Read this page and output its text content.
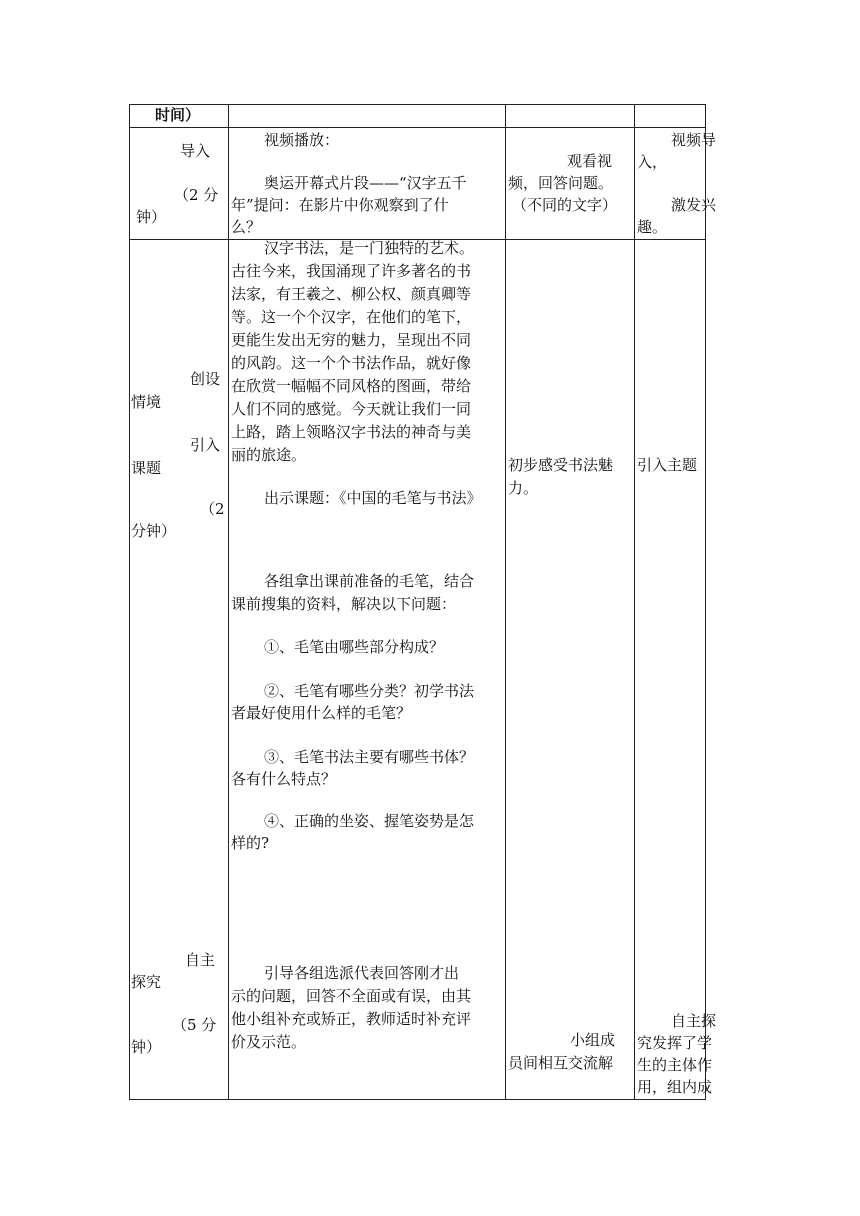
时间）
导入
（2 分
钟）
视频播放：
奥运开幕式片段——“汉字五千
年”提问：在影片中你观察到了什
么？
观看视
频，回答问题。
（不同的文字）
视频导
入，
激发兴
趣。
创设
情境
引入
课题
（2
分钟）
自主
探究
（5 分
钟）
汉字书法，是一门独特的艺术。
古往今来，我国涌现了许多著名的书
法家，有王羲之、柳公权、颜真卿等
等。这一个个汉字，在他们的笔下，
更能生发出无穷的魅力，呈现出不同
的风韵。这一个个书法作品，就好像
在欣赏一幅幅不同风格的图画，带给
人们不同的感觉。今天就让我们一同
上路，踏上领略汉字书法的神奇与美
丽的旅途。
出示课题：《中国的毛笔与书法》
各组拿出课前准备的毛笔，结合
课前搜集的资料，解决以下问题：
①、毛笔由哪些部分构成？
②、毛笔有哪些分类？初学书法
者最好使用什么样的毛笔？
③、毛笔书法主要有哪些书体？
各有什么特点？
④、正确的坐姿、握笔姿势是怎
样的?
引导各组选派代表回答刚才出
示的问题，回答不全面或有误，由其
他小组补充或矫正，教师适时补充评
价及示范。
初步感受书法魅
力。
小组成
员间相互交流解
引入主题
自主探
究发挥了学
生的主体作
用，组内成
